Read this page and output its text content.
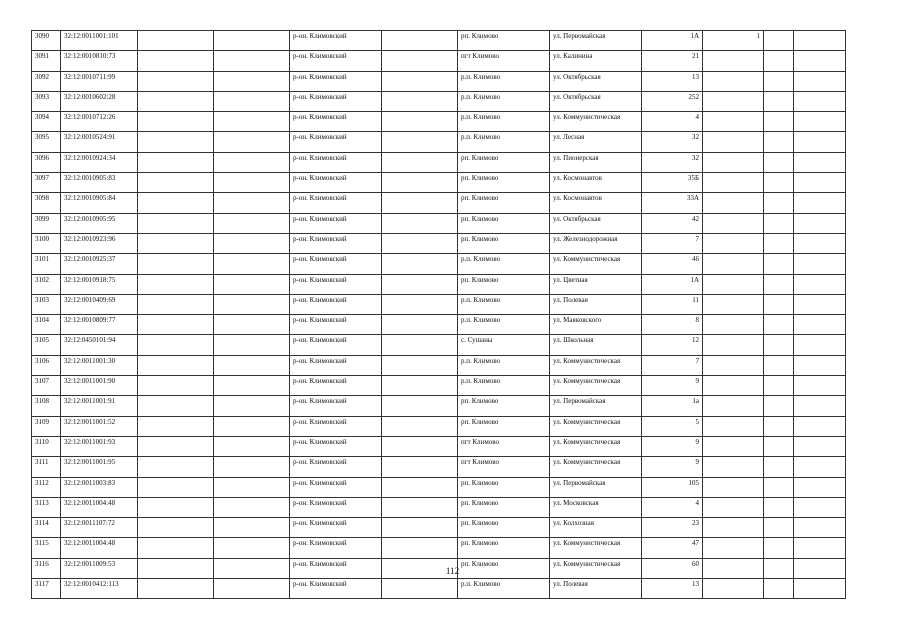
3090	32:12:0011001:101			р-он. Климовский		рп. Климово	ул. Первомайская	1А	1		
3091	32:12:0010810:73			р-он. Климовский		пгт Климово	ул. Калинина	21			
3092	32:12:0010711:99			р-он. Климовский		р.п. Климово	ул. Октябрьская	13			
3093	32:12:0010602:28			р-он. Климовский		р.п. Климово	ул. Октябрьская	252			
3094	32:12:0010712:26			р-он. Климовский		р.п. Климово	ул. Коммунистическая	4			
3095	32:12:0010524:91			р-он. Климовский		р.п. Климово	ул. Лесная	32			
3096	32:12:0010924:34			р-он. Климовский		рп. Климово	ул. Пионерская	32			
3097	32:12:0010905:83			р-он. Климовский		рп. Климово	ул. Космонавтов	35Б			
3098	32:12:0010905:84			р-он. Климовский		рп. Климово	ул. Космонавтов	33А			
3099	32:12:0010905:95			р-он. Климовский		рп. Климово	ул. Октябрьская	42			
3100	32:12:0010923:96			р-он. Климовский		рп. Климово	ул. Железнодорожная	7			
3101	32:12:0010925:37			р-он. Климовский		р.п. Климово	ул. Коммунистическая	46			
3102	32:12:0010918:75			р-он. Климовский		рп. Климово	ул. Цветная	1А			
3103	32:12:0010409:69			р-он. Климовский		р.п. Климово	ул. Полевая	11			
3104	32:12:0010809:77			р-он. Климовский		р.п. Климово	ул. Маяковского	8			
3105	32:12:0450101:94			р-он. Климовский		с. Сушаны	ул. Школьная	12			
3106	32:12:0011001:30			р-он. Климовский		р.п. Климово	ул. Коммунистическая	7			
3107	32:12:0011001:90			р-он. Климовский		р.п. Климово	ул. Коммунистическая	9			
3108	32:12:0011001:91			р-он. Климовский		рп. Климово	ул. Первомайская	1а			
3109	32:12:0011001:52			р-он. Климовский		рп. Климово	ул. Коммунистическая	5			
3110	32:12:0011001:93			р-он. Климовский		пгт Климово	ул. Коммунистическая	9			
3111	32:12:0011001:95			р-он. Климовский		пгт Климово	ул. Коммунистическая	9			
3112	32:12:0011003:83			р-он. Климовский		рп. Климово	ул. Первомайская	105			
3113	32:12:0011004:48			р-он. Климовский		рп. Климово	ул. Московская	4			
3114	32:12:0011107:72			р-он. Климовский		рп. Климово	ул. Колхозная	23			
3115	32:12:0011004:48			р-он. Климовский		рп. Климово	ул. Коммунистическая	47			
3116	32:12:0011009:53			р-он. Климовский		рп. Климово	ул. Коммунистическая	60			
3117	32:12:0010412:113			р-он. Климовский		р.п. Климово	ул. Полевая	13			
112
